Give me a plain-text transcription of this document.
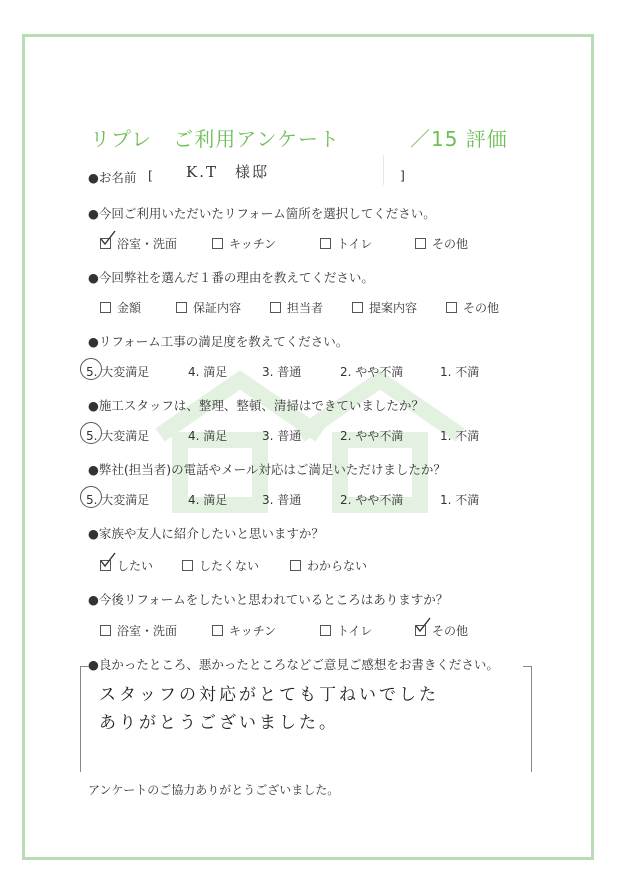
リプレ　ご利用アンケート	／15 評価
●お名前 [ K.T　様邸	]
●今回ご利用いただいたリフォーム箇所を選択してください。
浴室・洗面	キッチン	トイレ	その他
●今回弊社を選んだ１番の理由を教えてください。
金額	保証内容	担当者	提案内容	その他
●リフォーム工事の満足度を教えてください。
5. 大変満足	4. 満足	3. 普通	2. やや不満	1. 不満
●施工スタッフは、整理、整頓、清掃はできていましたか？
5. 大変満足	4. 満足	3. 普通	2. やや不満	1. 不満
●弊社(担当者)の電話やメール対応はご満足いただけましたか？
5. 大変満足	4. 満足	3. 普通	2. やや不満	1. 不満
●家族や友人に紹介したいと思いますか？
したい	したくない	わからない
●今後リフォームをしたいと思われているところはありますか？
浴室・洗面	キッチン	トイレ	その他
●良かったところ、悪かったところなどご意見ご感想をお書きください。
スタッフの対応がとても丁ねいでした
ありがとうございました。
アンケートのご協力ありがとうございました。
